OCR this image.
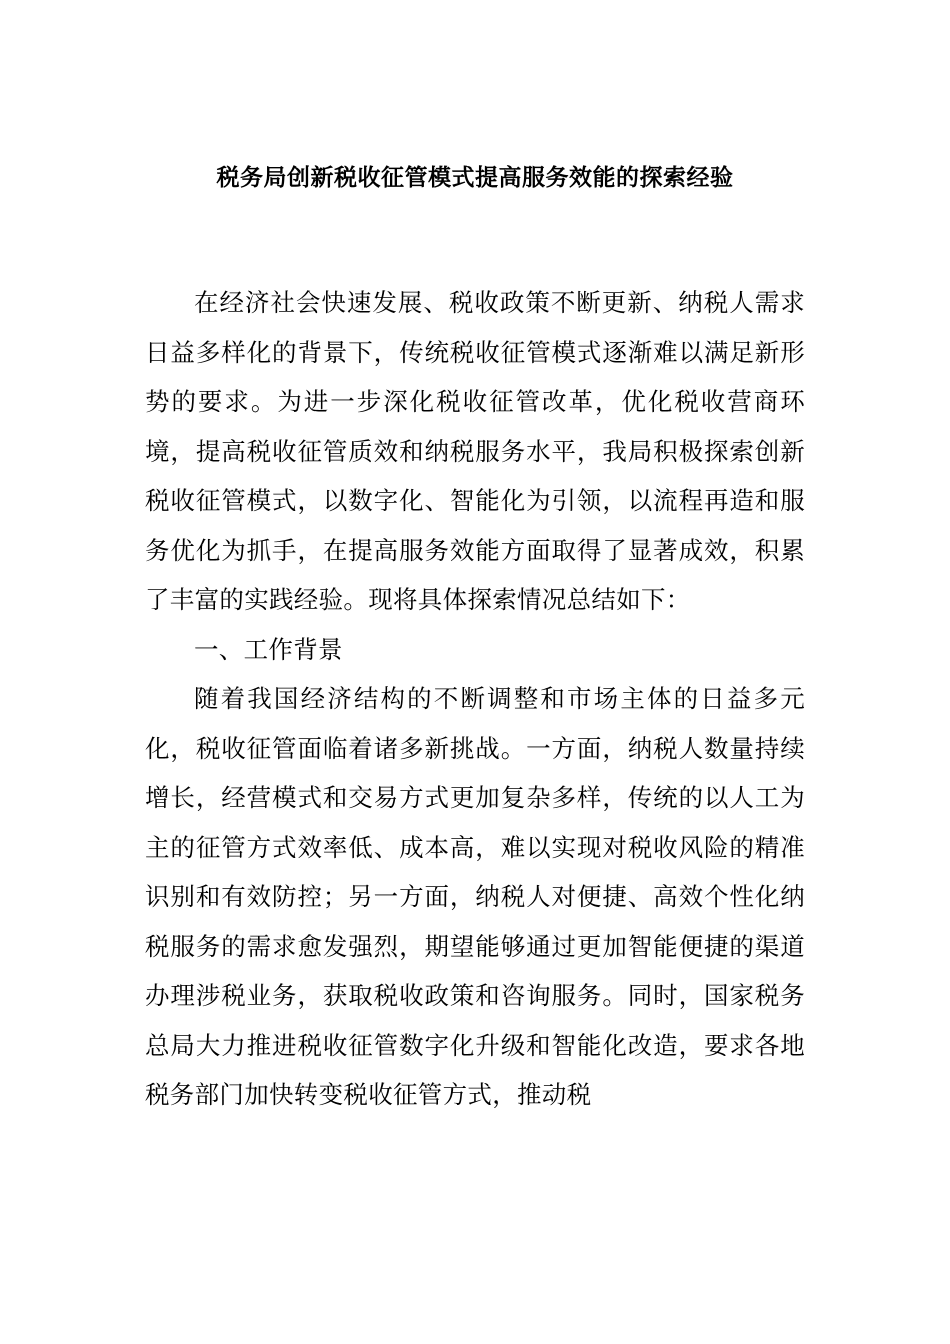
税务局创新税收征管模式提高服务效能的探索经验

在经济社会快速发展、税收政策不断更新、纳税人需求日益多样化的背景下，传统税收征管模式逐渐难以满足新形势的要求。为进一步深化税收征管改革，优化税收营商环境，提高税收征管质效和纳税服务水平，我局积极探索创新税收征管模式，以数字化、智能化为引领，以流程再造和服务优化为抓手，在提高服务效能方面取得了显著成效，积累了丰富的实践经验。现将具体探索情况总结如下：

一、工作背景

随着我国经济结构的不断调整和市场主体的日益多元化，税收征管面临着诸多新挑战。一方面，纳税人数量持续增长，经营模式和交易方式更加复杂多样，传统的以人工为主的征管方式效率低、成本高，难以实现对税收风险的精准识别和有效防控；另一方面，纳税人对便捷、高效个性化纳税服务的需求愈发强烈，期望能够通过更加智能便捷的渠道办理涉税业务，获取税收政策和咨询服务。同时，国家税务总局大力推进税收征管数字化升级和智能化改造，要求各地税务部门加快转变税收征管方式，推动税
